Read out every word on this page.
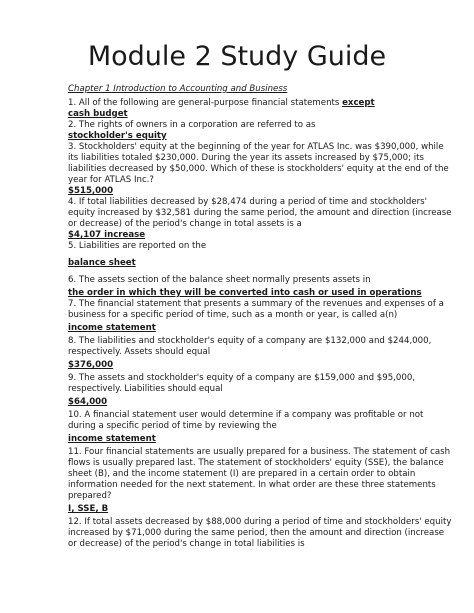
Module 2 Study Guide
Chapter 1 Introduction to Accounting and Business
1. All of the following are general-purpose financial statements except
cash budget
2. The rights of owners in a corporation are referred to as
stockholder's equity
3. Stockholders' equity at the beginning of the year for ATLAS Inc. was $390,000, while
its liabilities totaled $230,000. During the year its assets increased by $75,000; its
liabilities decreased by $50,000. Which of these is stockholders' equity at the end of the
year for ATLAS Inc.?
$515,000
4. If total liabilities decreased by $28,474 during a period of time and stockholders'
equity increased by $32,581 during the same period, the amount and direction (increase
or decrease) of the period's change in total assets is a
$4,107 increase
5. Liabilities are reported on the
balance sheet
6. The assets section of the balance sheet normally presents assets in
the order in which they will be converted into cash or used in operations
7. The financial statement that presents a summary of the revenues and expenses of a
business for a specific period of time, such as a month or year, is called a(n)
income statement
8. The liabilities and stockholder's equity of a company are $132,000 and $244,000,
respectively. Assets should equal
$376,000
9. The assets and stockholder's equity of a company are $159,000 and $95,000,
respectively. Liabilities should equal
$64,000
10. A financial statement user would determine if a company was profitable or not
during a specific period of time by reviewing the
income statement
11. Four financial statements are usually prepared for a business. The statement of cash
flows is usually prepared last. The statement of stockholders' equity (SSE), the balance
sheet (B), and the income statement (I) are prepared in a certain order to obtain
information needed for the next statement. In what order are these three statements
prepared?
I, SSE, B
12. If total assets decreased by $88,000 during a period of time and stockholders' equity
increased by $71,000 during the same period, then the amount and direction (increase
or decrease) of the period's change in total liabilities is
